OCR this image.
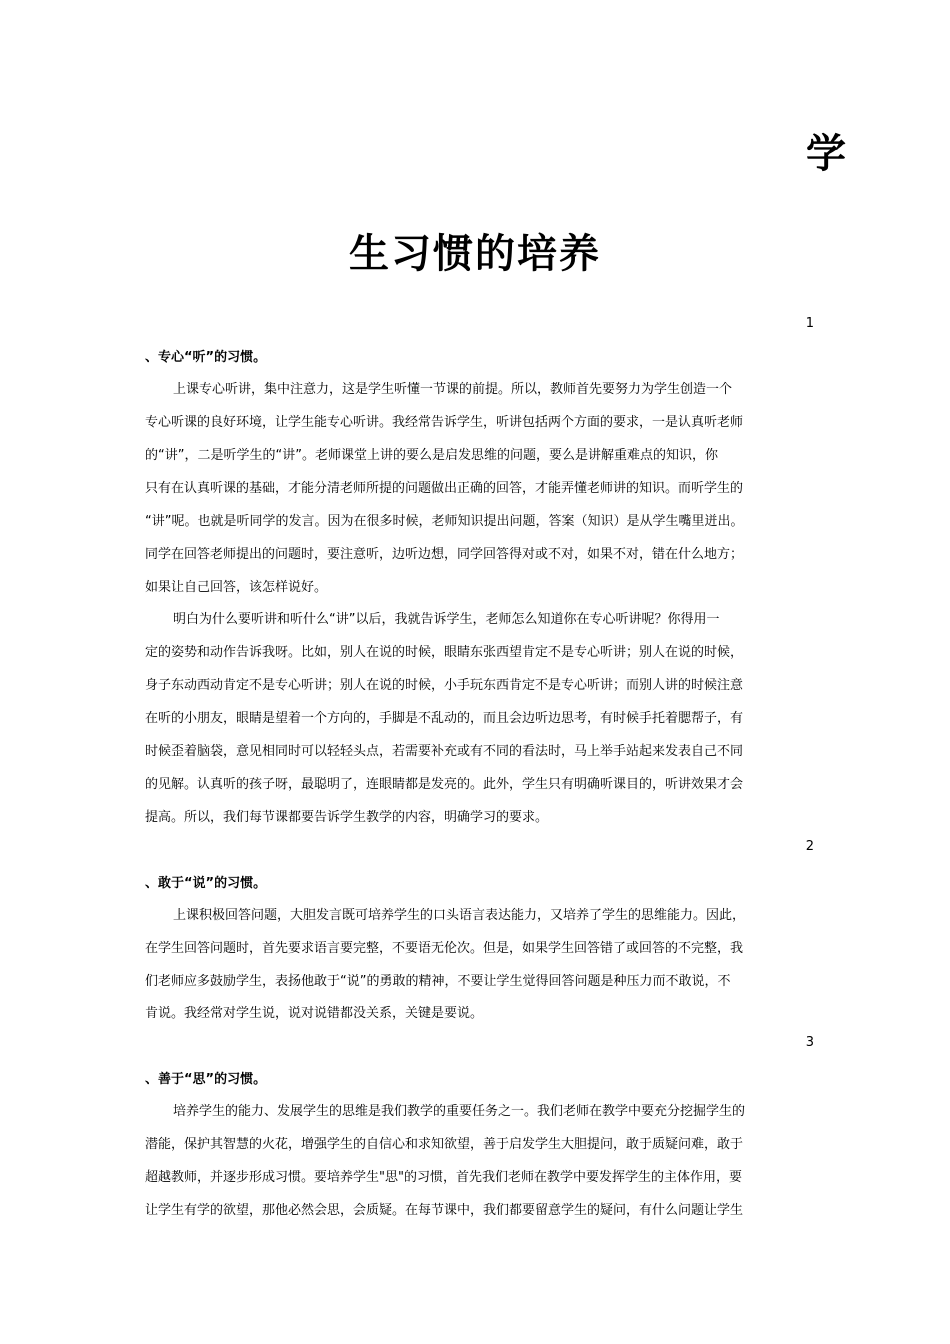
学
生习惯的培养
1
、专心“听”的习惯。
上课专心听讲，集中注意力，这是学生听懂一节课的前提。所以，教师首先要努力为学生创造一个
专心听课的良好环境，让学生能专心听讲。我经常告诉学生，听讲包括两个方面的要求，一是认真听老师
的“讲”，二是听学生的“讲”。老师课堂上讲的要么是启发思维的问题，要么是讲解重难点的知识，你
只有在认真听课的基础，才能分清老师所提的问题做出正确的回答，才能弄懂老师讲的知识。而听学生的
“讲”呢。也就是听同学的发言。因为在很多时候，老师知识提出问题，答案（知识）是从学生嘴里迸出。
同学在回答老师提出的问题时，要注意听，边听边想，同学回答得对或不对，如果不对，错在什么地方；
如果让自己回答，该怎样说好。
明白为什么要听讲和听什么“讲”以后，我就告诉学生，老师怎么知道你在专心听讲呢？你得用一
定的姿势和动作告诉我呀。比如，别人在说的时候，眼睛东张西望肯定不是专心听讲；别人在说的时候，
身子东动西动肯定不是专心听讲；别人在说的时候，小手玩东西肯定不是专心听讲；而别人讲的时候注意
在听的小朋友，眼睛是望着一个方向的，手脚是不乱动的，而且会边听边思考，有时候手托着腮帮子，有
时候歪着脑袋，意见相同时可以轻轻头点，若需要补充或有不同的看法时，马上举手站起来发表自己不同
的见解。认真听的孩子呀，最聪明了，连眼睛都是发亮的。此外，学生只有明确听课目的，听讲效果才会
提高。所以，我们每节课都要告诉学生教学的内容，明确学习的要求。
2
、敢于“说”的习惯。
上课积极回答问题，大胆发言既可培养学生的口头语言表达能力，又培养了学生的思维能力。因此，
在学生回答问题时，首先要求语言要完整，不要语无伦次。但是，如果学生回答错了或回答的不完整，我
们老师应多鼓励学生，表扬他敢于“说”的勇敢的精神，不要让学生觉得回答问题是种压力而不敢说，不
肯说。我经常对学生说，说对说错都没关系，关键是要说。
3
、善于“思”的习惯。
培养学生的能力、发展学生的思维是我们教学的重要任务之一。我们老师在教学中要充分挖掘学生的
潜能，保护其智慧的火花，增强学生的自信心和求知欲望，善于启发学生大胆提问，敢于质疑问难，敢于
超越教师，并逐步形成习惯。要培养学生"思"的习惯，首先我们老师在教学中要发挥学生的主体作用，要
让学生有学的欲望，那他必然会思，会质疑。在每节课中，我们都要留意学生的疑问，有什么问题让学生
